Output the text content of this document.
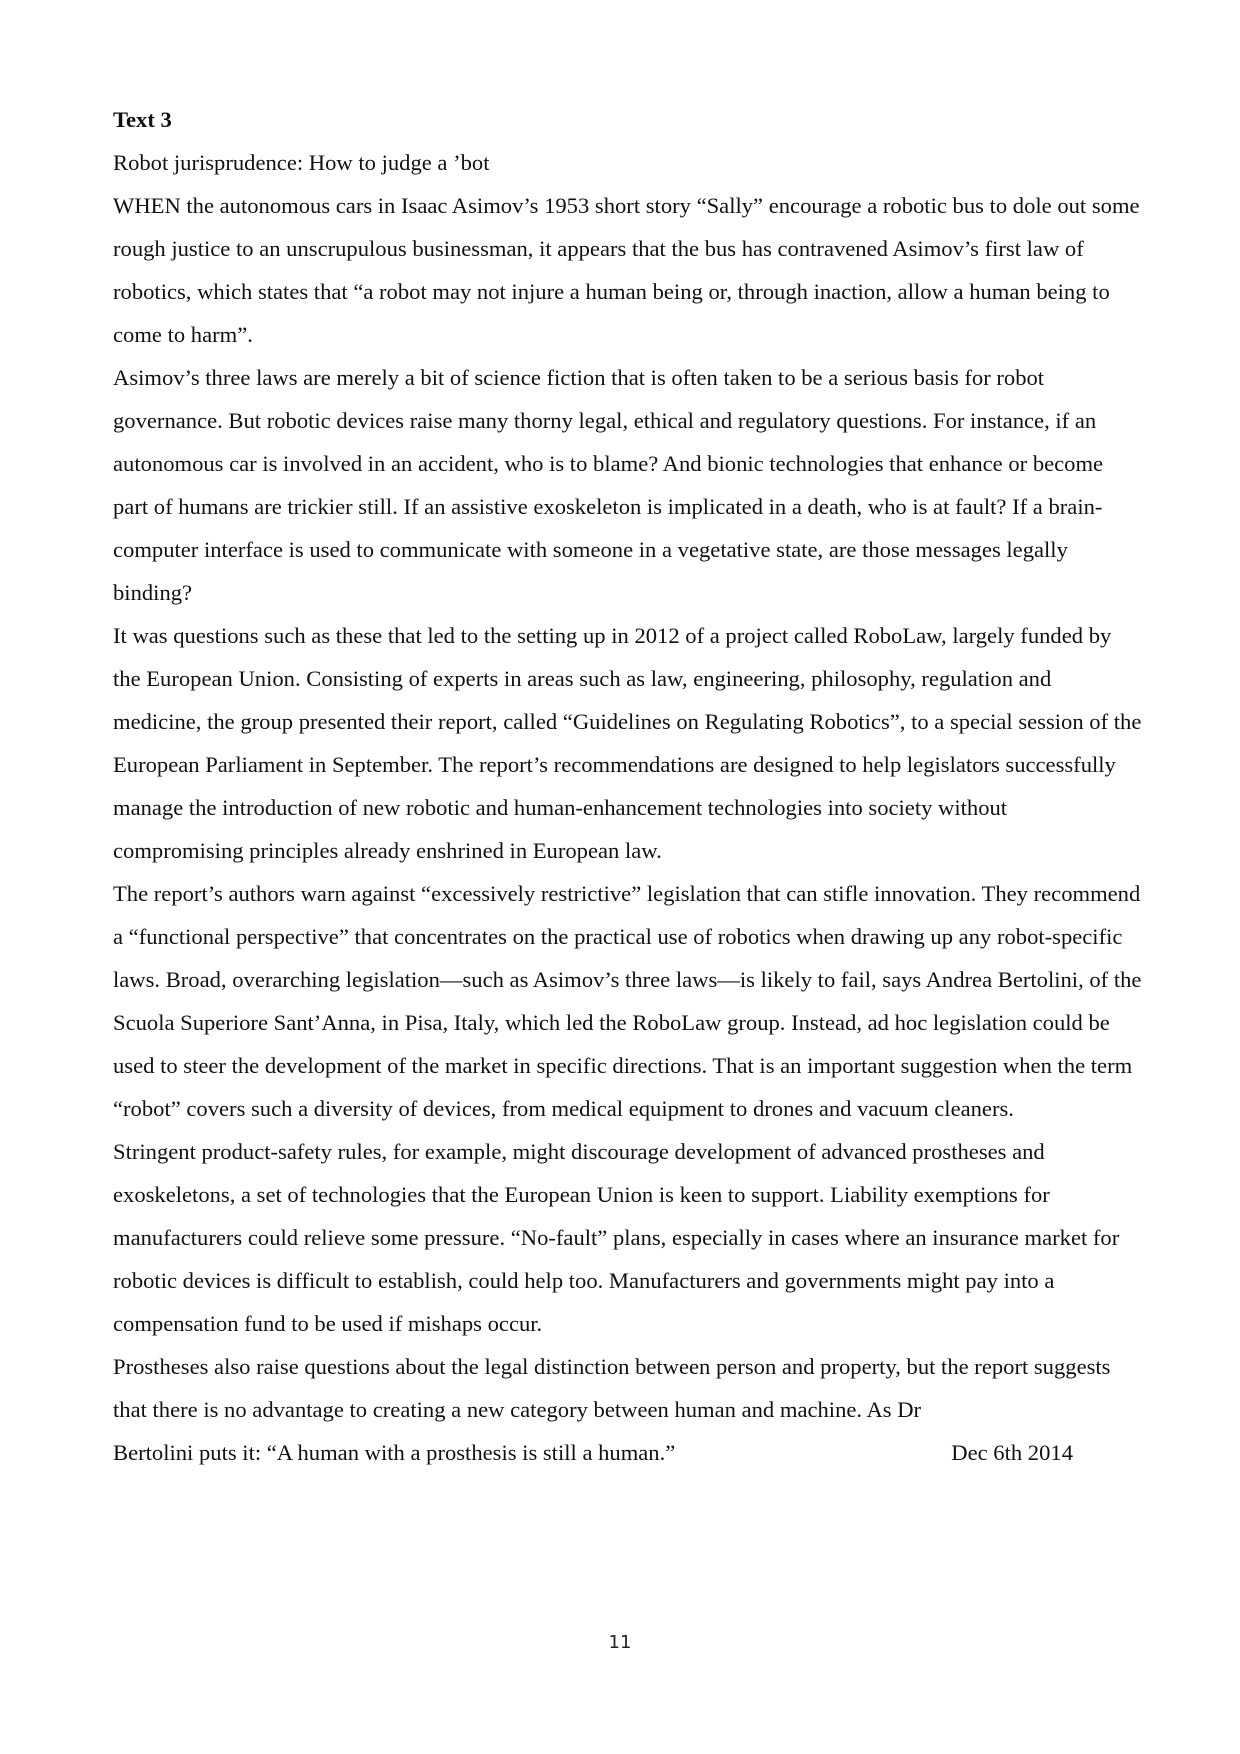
Text 3

Robot jurisprudence: How to judge a ’bot

WHEN the autonomous cars in Isaac Asimov’s 1953 short story “Sally” encourage a robotic bus to dole out some rough justice to an unscrupulous businessman, it appears that the bus has contravened Asimov’s first law of robotics, which states that “a robot may not injure a human being or, through inaction, allow a human being to come to harm”.

Asimov’s three laws are merely a bit of science fiction that is often taken to be a serious basis for robot governance. But robotic devices raise many thorny legal, ethical and regulatory questions. For instance, if an autonomous car is involved in an accident, who is to blame? And bionic technologies that enhance or become part of humans are trickier still. If an assistive exoskeleton is implicated in a death, who is at fault? If a brain-computer interface is used to communicate with someone in a vegetative state, are those messages legally binding?

It was questions such as these that led to the setting up in 2012 of a project called RoboLaw, largely funded by the European Union. Consisting of experts in areas such as law, engineering, philosophy, regulation and medicine, the group presented their report, called “Guidelines on Regulating Robotics”, to a special session of the European Parliament in September. The report’s recommendations are designed to help legislators successfully manage the introduction of new robotic and human-enhancement technologies into society without compromising principles already enshrined in European law.

The report’s authors warn against “excessively restrictive” legislation that can stifle innovation. They recommend a “functional perspective” that concentrates on the practical use of robotics when drawing up any robot-specific laws. Broad, overarching legislation—such as Asimov’s three laws—is likely to fail, says Andrea Bertolini, of the Scuola Superiore Sant’Anna, in Pisa, Italy, which led the RoboLaw group. Instead, ad hoc legislation could be used to steer the development of the market in specific directions. That is an important suggestion when the term “robot” covers such a diversity of devices, from medical equipment to drones and vacuum cleaners.

Stringent product-safety rules, for example, might discourage development of advanced prostheses and exoskeletons, a set of technologies that the European Union is keen to support. Liability exemptions for manufacturers could relieve some pressure. “No-fault” plans, especially in cases where an insurance market for robotic devices is difficult to establish, could help too. Manufacturers and governments might pay into a compensation fund to be used if mishaps occur.

Prostheses also raise questions about the legal distinction between person and property, but the report suggests that there is no advantage to creating a new category between human and machine. As Dr
Bertolini puts it: “A human with a prosthesis is still a human.”	Dec 6th 2014
11
